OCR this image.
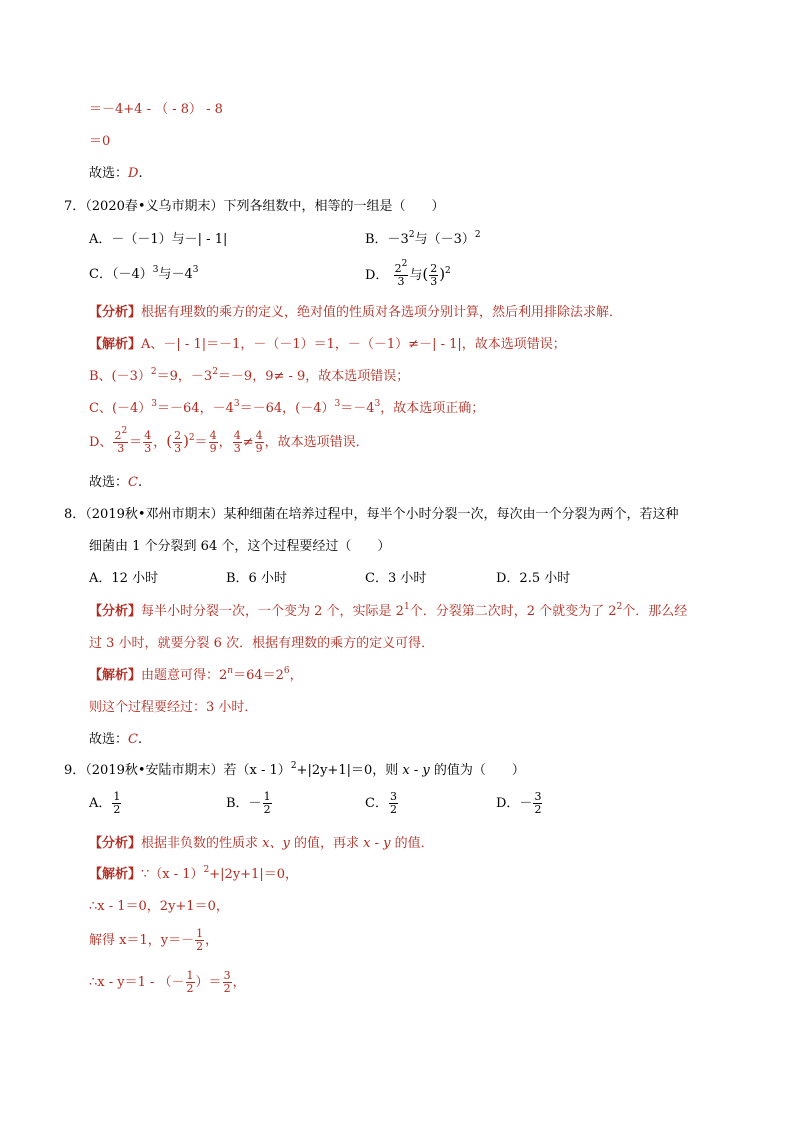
＝－4+4 - （ - 8） - 8
＝0
故选：D.
7．（2020春•义乌市期末）下列各组数中，相等的一组是（　　）
A．－（－1）与－| - 1|	B．$-3^2$与$(-3)^2$
C．$(-4)^3$与$-4^3$	D． $\frac{2^2}{3}$ 与( $\frac{2}{3} )^2$
【分析】根据有理数的乘方的定义，绝对值的性质对各选项分别计算，然后利用排除法求解．
【解析】A、－| - 1|＝－1，－（－1）＝1，－（－1）≠－| - 1|，故本选项错误；
B、(－3）$^2$＝9，$-3^2=-9$，9≠ - 9，故本选项错误；
C、(－4）$^3$＝－64，$-4^3=-64$，$(-4)^3=-4^3$，故本选项正确；
D、 $\frac{2^2}{3} = \frac{4}{3}$ ，( $\frac{2}{3} )^2= \frac{4}{9}$ ， $\frac{4}{3} \ne \frac{4}{9}$ ，故本选项错误．
故选：C.
8．（2019秋•邓州市期末）某种细菌在培养过程中，每半个小时分裂一次，每次由一个分裂为两个，若这种
细菌由 1 个分裂到 64 个，这个过程要经过（　　）
A．12 小时	B．6 小时	C．3 小时	D．2.5 小时
【分析】每半小时分裂一次，一个变为 2 个，实际是 $2^1$个．分裂第二次时，2 个就变为了 $2^2$个．那么经
过 3 小时，就要分裂 6 次．根据有理数的乘方的定义可得．
【解析】由题意可得：$2^n=64=2^6$，
则这个过程要经过：3 小时．
故选：C.
9．（2019秋•安陆市期末）若（x - 1）$^2$+|2y+1|＝0，则 x - y 的值为（　　）
A． $\frac{1}{2}$	B．－ $\frac{1}{2}$	C． $\frac{3}{2}$	D．－ $\frac{3}{2}$
【分析】根据非负数的性质求 x、y 的值，再求 x - y 的值．
【解析】∵（x - 1）$^2$+|2y+1|＝0，
∴x - 1＝0，2y+1＝0，
解得 x＝1，$y=- \frac{1}{2}$ ，
∴x - y＝1 - （－ $\frac{1}{2}$ ）＝ $\frac{3}{2}$ ，
